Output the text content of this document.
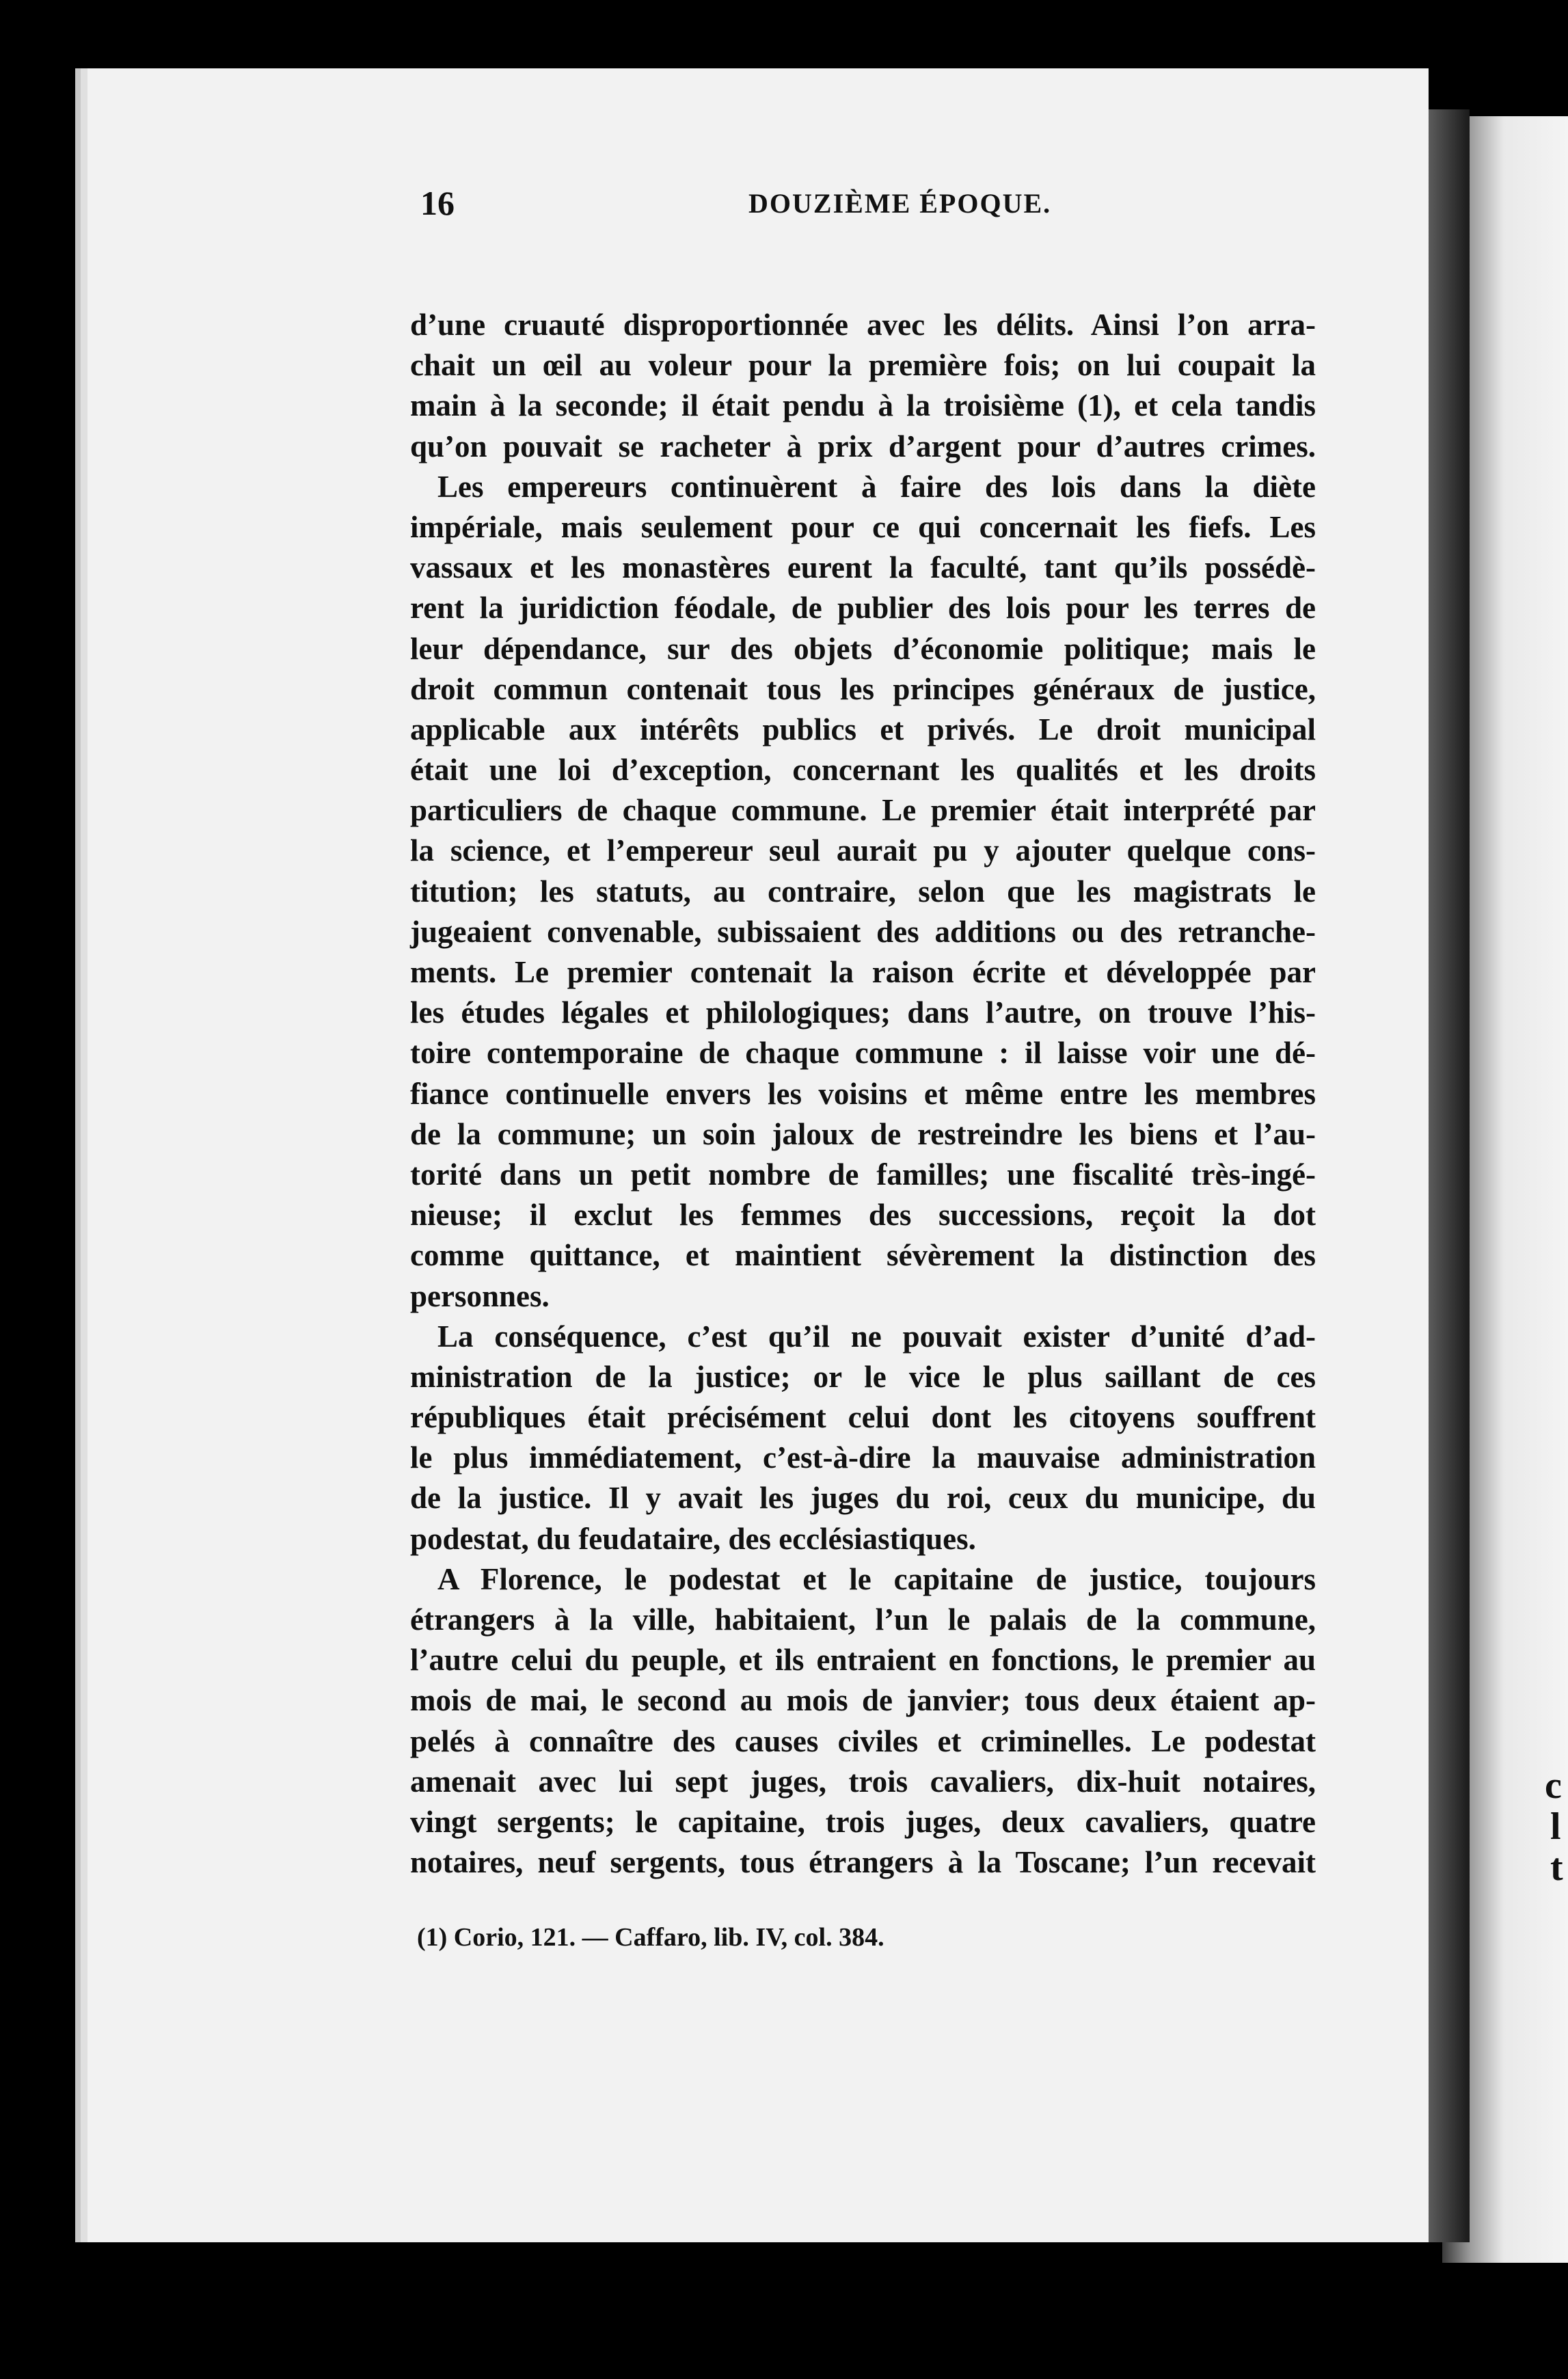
c
l
t
16	DOUZIÈME ÉPOQUE.
d’une cruauté disproportionnée avec les délits. Ainsi l’on arra-
chait un œil au voleur pour la première fois; on lui coupait la
main à la seconde; il était pendu à la troisième (1), et cela tandis
qu’on pouvait se racheter à prix d’argent pour d’autres crimes.
Les empereurs continuèrent à faire des lois dans la diète
impériale, mais seulement pour ce qui concernait les fiefs. Les
vassaux et les monastères eurent la faculté, tant qu’ils possédè-
rent la juridiction féodale, de publier des lois pour les terres de
leur dépendance, sur des objets d’économie politique; mais le
droit commun contenait tous les principes généraux de justice,
applicable aux intérêts publics et privés. Le droit municipal
était une loi d’exception, concernant les qualités et les droits
particuliers de chaque commune. Le premier était interprété par
la science, et l’empereur seul aurait pu y ajouter quelque cons-
titution; les statuts, au contraire, selon que les magistrats le
jugeaient convenable, subissaient des additions ou des retranche-
ments. Le premier contenait la raison écrite et développée par
les études légales et philologiques; dans l’autre, on trouve l’his-
toire contemporaine de chaque commune : il laisse voir une dé-
fiance continuelle envers les voisins et même entre les membres
de la commune; un soin jaloux de restreindre les biens et l’au-
torité dans un petit nombre de familles; une fiscalité très-ingé-
nieuse; il exclut les femmes des successions, reçoit la dot
comme quittance, et maintient sévèrement la distinction des
personnes.
La conséquence, c’est qu’il ne pouvait exister d’unité d’ad-
ministration de la justice; or le vice le plus saillant de ces
républiques était précisément celui dont les citoyens souffrent
le plus immédiatement, c’est-à-dire la mauvaise administration
de la justice. Il y avait les juges du roi, ceux du municipe, du
podestat, du feudataire, des ecclésiastiques.
A Florence, le podestat et le capitaine de justice, toujours
étrangers à la ville, habitaient, l’un le palais de la commune,
l’autre celui du peuple, et ils entraient en fonctions, le premier au
mois de mai, le second au mois de janvier; tous deux étaient ap-
pelés à connaître des causes civiles et criminelles. Le podestat
amenait avec lui sept juges, trois cavaliers, dix-huit notaires,
vingt sergents; le capitaine, trois juges, deux cavaliers, quatre
notaires, neuf sergents, tous étrangers à la Toscane; l’un recevait
(1) Corio, 121. — Caffaro, lib. IV, col. 384.
